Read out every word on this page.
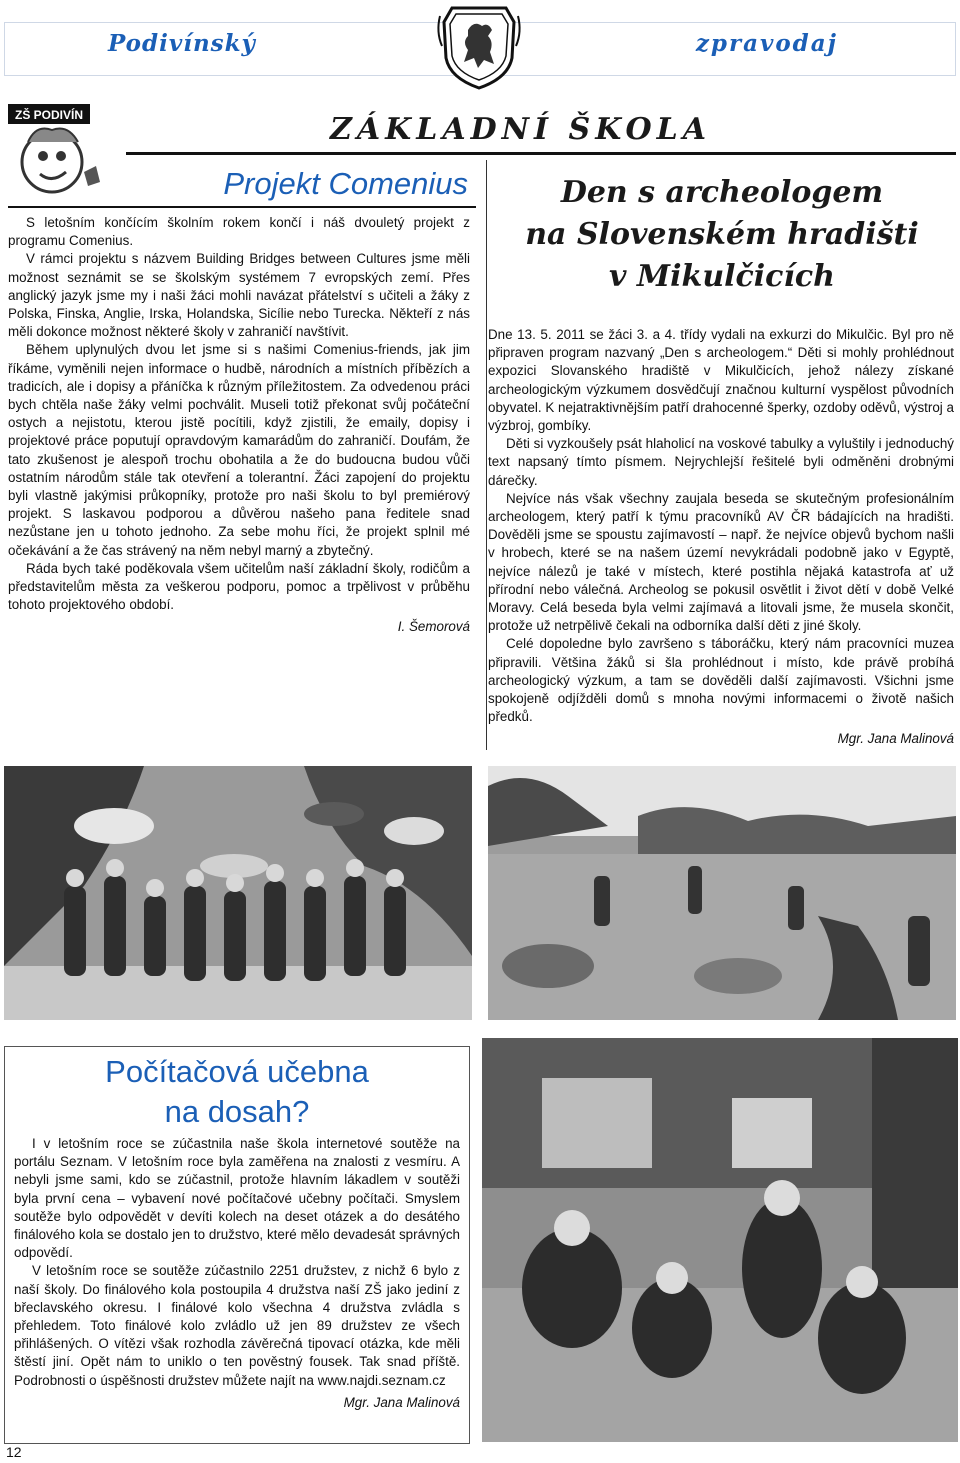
Podivínský	zpravodaj
ZŠ PODIVÍN	ZÁKLADNÍ ŠKOLA
Projekt Comenius

S letošním končícím školním rokem končí i náš dvouletý projekt z programu Comenius.

V rámci projektu s názvem Building Bridges between Cultures jsme měli možnost seznámit se se školským systémem 7 evropských zemí. Přes anglický jazyk jsme my i naši žáci mohli navázat přátelství s učiteli a žáky z Polska, Finska, Anglie, Irska, Holandska, Sicílie nebo Turecka. Někteří z nás měli dokonce možnost některé školy v zahraničí navštívit.

Během uplynulých dvou let jsme si s našimi Comenius-friends, jak jim říkáme, vyměnili nejen informace o hudbě, národních a místních příbězích a tradicích, ale i dopisy a přáníčka k různým příležitostem. Za odvedenou práci bych chtěla naše žáky velmi pochválit. Museli totiž překonat svůj počáteční ostych a nejistotu, kterou jistě pocítili, když zjistili, že emaily, dopisy i projektové práce poputují opravdovým kamarádům do zahraničí. Doufám, že tato zkušenost je alespoň trochu obohatila a že do budoucna budou vůči ostatním národům stále tak otevření a tolerantní. Žáci zapojení do projektu byli vlastně jakýmisi průkopníky, protože pro naši školu to byl premiérový projekt. S laskavou podporou a důvěrou našeho pana ředitele snad nezůstane jen u tohoto jednoho. Za sebe mohu říci, že projekt splnil mé očekávání a že čas strávený na něm nebyl marný a zbytečný.

Ráda bych také poděkovala všem učitelům naší základní školy, rodičům a představitelům města za veškerou podporu, pomoc a trpělivost v průběhu tohoto projektového období.

I. Šemorová

Den s archeologem
na Slovenském hradišti
v Mikulčicích

Dne 13. 5. 2011 se žáci 3. a 4. třídy vydali na exkurzi do Mikulčic. Byl pro ně připraven program nazvaný „Den s archeologem.“ Děti si mohly prohlédnout expozici Slovanského hradiště v Mikulčicích, jehož nálezy získané archeologickým výzkumem dosvědčují značnou kulturní vyspělost původních obyvatel. K nejatraktivnějším patří drahocenné šperky, ozdoby oděvů, výstroj a výzbroj, gombíky.

Děti si vyzkoušely psát hlaholicí na voskové tabulky a vyluštily i jednoduchý text napsaný tímto písmem. Nejrychlejší řešitelé byli odměněni drobnými dárečky.

Nejvíce nás však všechny zaujala beseda se skutečným profesionálním archeologem, který patří k týmu pracovníků AV ČR bádajících na hradišti. Dověděli jsme se spoustu zajímavostí – např. že nejvíce objevů bychom našli v hrobech, které se na našem území nevykrádali podobně jako v Egyptě, nejvíce nálezů je také v místech, které postihla nějaká katastrofa ať už přírodní nebo válečná. Archeolog se pokusil osvětlit i život dětí v době Velké Moravy. Celá beseda byla velmi zajímavá a litovali jsme, že musela skončit, protože už netrpělivě čekali na odborníka další děti z jiné školy.

Celé dopoledne bylo završeno s táboráčku, který nám pracovníci muzea připravili. Většina žáků si šla prohlédnout i místo, kde právě probíhá archeologický výzkum, a tam se dověděli další zajímavosti. Všichni jsme spokojeně odjížděli domů s mnoha novými informacemi o životě našich předků.

Mgr. Jana Malinová

Počítačová učebna
na dosah?

I v letošním roce se zúčastnila naše škola internetové soutěže na portálu Seznam. V letošním roce byla zaměřena na znalosti z vesmíru. A nebyli jsme sami, kdo se zúčastnil, protože hlavním lákadlem v soutěži byla první cena – vybavení nové počítačové učebny počítači. Smyslem soutěže bylo odpovědět v devíti kolech na deset otázek a do desátého finálového kola se dostalo jen to družstvo, které mělo devadesát správných odpovědí.

V letošním roce se soutěže zúčastnilo 2251 družstev, z nichž 6 bylo z naší školy. Do finálového kola postoupila 4 družstva naší ZŠ jako jediní z břeclavského okresu. I finálové kolo všechna 4 družstva zvládla s přehledem. Toto finálové kolo zvládlo už jen 89 družstev ze všech přihlášených. O vítězi však rozhodla závěrečná tipovací otázka, kde měli štěstí jiní. Opět nám to uniklo o ten pověstný fousek. Tak snad příště. Podrobnosti o úspěšnosti družstev můžete najít na www.najdi.seznam.cz

Mgr. Jana Malinová

12
